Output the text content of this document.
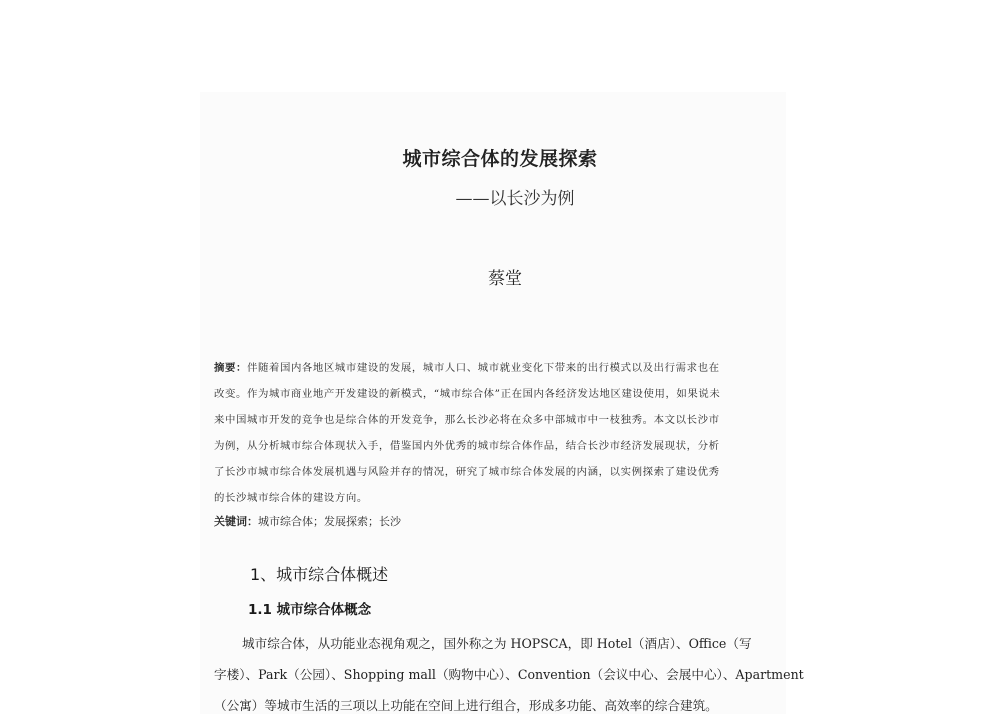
城市综合体的发展探索
——以长沙为例
蔡堂
摘要：伴随着国内各地区城市建设的发展，城市人口、城市就业变化下带来的出行模式以及出行需求也在
改变。作为城市商业地产开发建设的新模式，“城市综合体”正在国内各经济发达地区建设使用，如果说未
来中国城市开发的竞争也是综合体的开发竞争，那么长沙必将在众多中部城市中一枝独秀。本文以长沙市
为例，从分析城市综合体现状入手，借鉴国内外优秀的城市综合体作品，结合长沙市经济发展现状，分析
了长沙市城市综合体发展机遇与风险并存的情况，研究了城市综合体发展的内涵，以实例探索了建设优秀
的长沙城市综合体的建设方向。
关键词：城市综合体；发展探索；长沙
1、城市综合体概述
1.1 城市综合体概念
城市综合体，从功能业态视角观之，国外称之为 HOPSCA，即 Hotel（酒店）、Office（写
字楼）、Park（公园）、Shopping mall（购物中心）、Convention（会议中心、会展中心）、Apartment
（公寓）等城市生活的三项以上功能在空间上进行组合，形成多功能、高效率的综合建筑。
